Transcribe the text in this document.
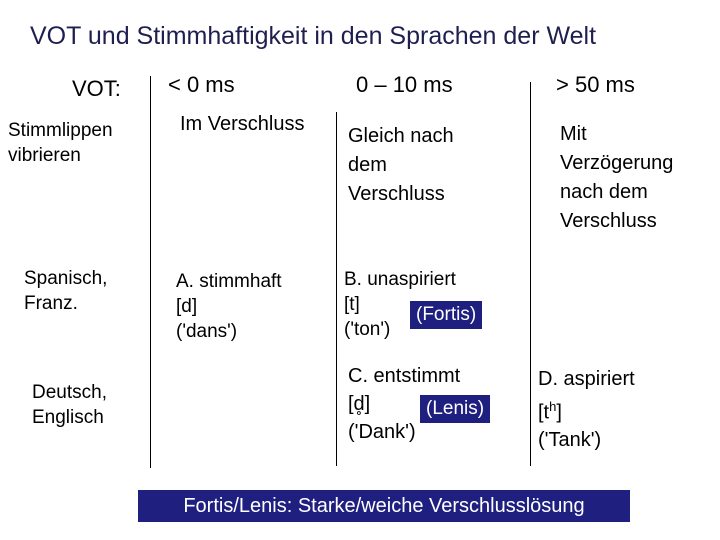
VOT und Stimmhaftigkeit in den Sprachen der Welt
VOT: < 0 ms	0 – 10 ms	> 50 ms
Stimmlippen
vibrieren
Spanisch,
Franz.
Deutsch,
Englisch
Im Verschluss
Gleich nach
dem
Verschluss
Mit
Verzögerung
nach dem
Verschluss
A. stimmhaft
[d]
('dans')
B. unaspiriert
[t]
('ton')
(Fortis)
C. entstimmt
[d̥]
('Dank')
(Lenis)
D. aspiriert
$[t^h]$
('Tank')
Fortis/Lenis: Starke/weiche Verschlusslösung
